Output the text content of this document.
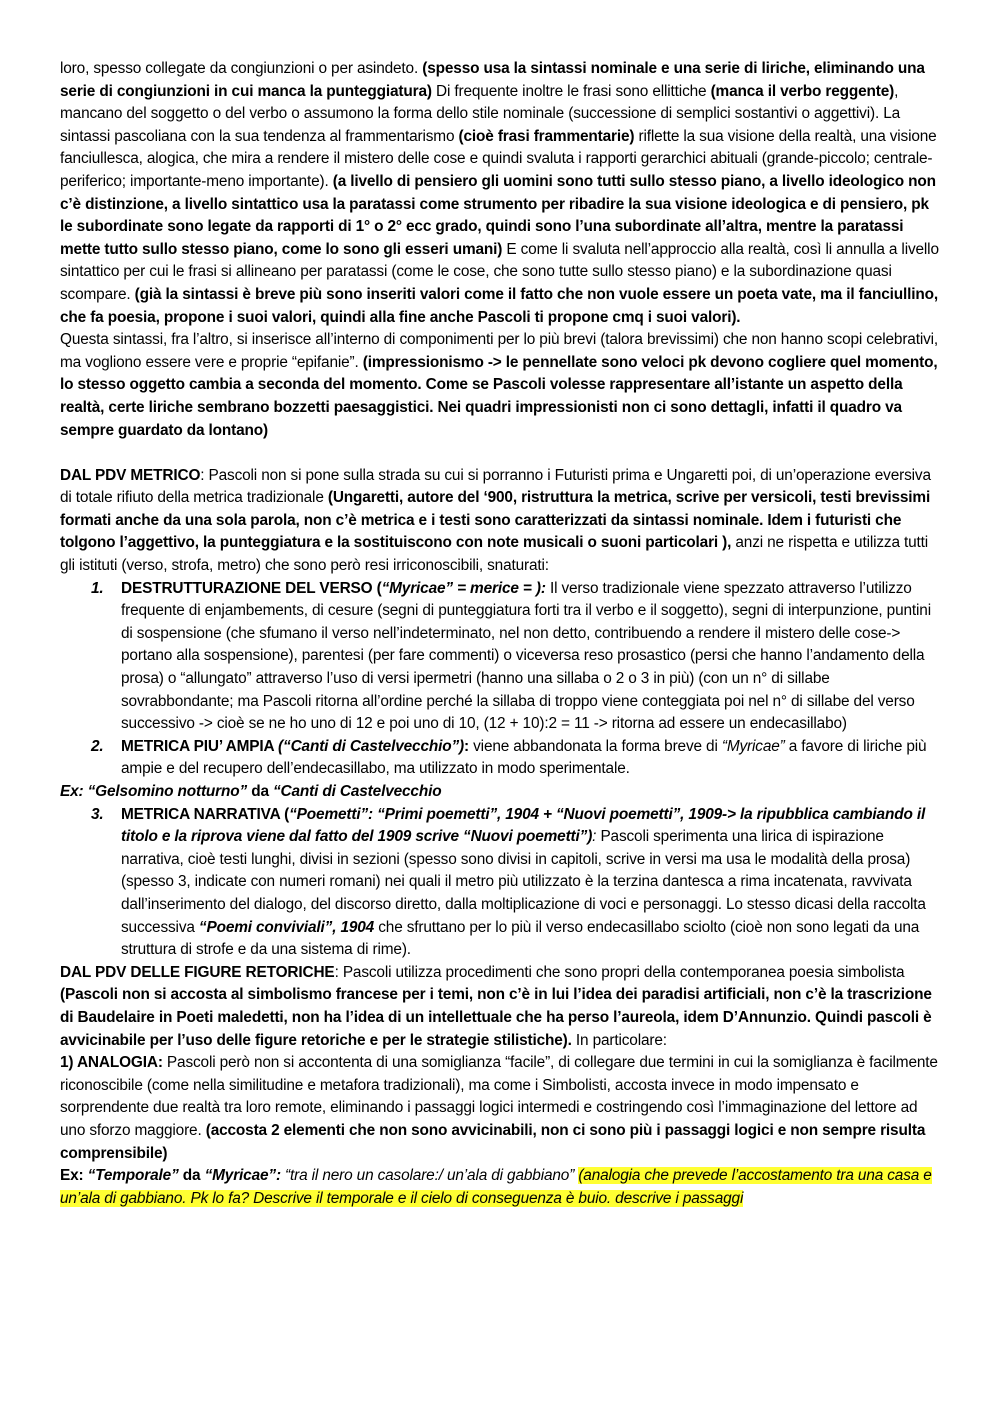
loro, spesso collegate da congiunzioni o per asindeto. (spesso usa la sintassi nominale e una serie di liriche, eliminando una serie di congiunzioni in cui manca la punteggiatura) Di frequente inoltre le frasi sono ellittiche (manca il verbo reggente), mancano del soggetto o del verbo o assumono la forma dello stile nominale (successione di semplici sostantivi o aggettivi). La sintassi pascoliana con la sua tendenza al frammentarismo (cioè frasi frammentarie) riflette la sua visione della realtà, una visione fanciullesca, alogica, che mira a rendere il mistero delle cose e quindi svaluta i rapporti gerarchici abituali (grande-piccolo; centrale-periferico; importante-meno importante). (a livello di pensiero gli uomini sono tutti sullo stesso piano, a livello ideologico non c’è distinzione, a livello sintattico usa la paratassi come strumento per ribadire la sua visione ideologica e di pensiero, pk le subordinate sono legate da rapporti di 1° o 2° ecc grado, quindi sono l’una subordinate all’altra, mentre la paratassi mette tutto sullo stesso piano, come lo sono gli esseri umani) E come li svaluta nell’approccio alla realtà, così li annulla a livello sintattico per cui le frasi si allineano per paratassi (come le cose, che sono tutte sullo stesso piano) e la subordinazione quasi scompare. (già la sintassi è breve più sono inseriti valori come il fatto che non vuole essere un poeta vate, ma il fanciullino, che fa poesia, propone i suoi valori, quindi alla fine anche Pascoli ti propone cmq i suoi valori).

Questa sintassi, fra l’altro, si inserisce all’interno di componimenti per lo più brevi (talora brevissimi) che non hanno scopi celebrativi, ma vogliono essere vere e proprie “epifanie”. (impressionismo -> le pennellate sono veloci pk devono cogliere quel momento, lo stesso oggetto cambia a seconda del momento. Come se Pascoli volesse rappresentare all’istante un aspetto della realtà, certe liriche sembrano bozzetti paesaggistici. Nei quadri impressionisti non ci sono dettagli, infatti il quadro va sempre guardato da lontano)

DAL PDV METRICO: Pascoli non si pone sulla strada su cui si porranno i Futuristi prima e Ungaretti poi, di un’operazione eversiva di totale rifiuto della metrica tradizionale (Ungaretti, autore del ‘900, ristruttura la metrica, scrive per versicoli, testi brevissimi formati anche da una sola parola, non c’è metrica e i testi sono caratterizzati da sintassi nominale. Idem i futuristi che tolgono l’aggettivo, la punteggiatura e la sostituiscono con note musicali o suoni particolari ), anzi ne rispetta e utilizza tutti gli istituti (verso, strofa, metro) che sono però resi irriconoscibili, snaturati:

1. DESTRUTTURAZIONE DEL VERSO (“Myricae” = merice = ): Il verso tradizionale viene spezzato attraverso l’utilizzo frequente di enjambements, di cesure (segni di punteggiatura forti tra il verbo e il soggetto), segni di interpunzione, puntini di sospensione (che sfumano il verso nell’indeterminato, nel non detto, contribuendo a rendere il mistero delle cose-> portano alla sospensione), parentesi (per fare commenti) o viceversa reso prosastico (persi che hanno l’andamento della prosa) o “allungato” attraverso l’uso di versi ipermetri (hanno una sillaba o 2 o 3 in più) (con un n° di sillabe sovrabbondante; ma Pascoli ritorna all’ordine perché la sillaba di troppo viene conteggiata poi nel n° di sillabe del verso successivo -> cioè se ne ho uno di 12 e poi uno di 10, (12 + 10):2 = 11 -> ritorna ad essere un endecasillabo)
2. METRICA PIU’ AMPIA (“Canti di Castelvecchio”): viene abbandonata la forma breve di “Myricae” a favore di liriche più ampie e del recupero dell’endecasillabo, ma utilizzato in modo sperimentale.

Ex: “Gelsomino notturno” da “Canti di Castelvecchio

3. METRICA NARRATIVA (“Poemetti”: “Primi poemetti”, 1904 + “Nuovi poemetti”, 1909-> la ripubblica cambiando il titolo e la riprova viene dal fatto del 1909 scrive “Nuovi poemetti”): Pascoli sperimenta una lirica di ispirazione narrativa, cioè testi lunghi, divisi in sezioni (spesso sono divisi in capitoli, scrive in versi ma usa le modalità della prosa) (spesso 3, indicate con numeri romani) nei quali il metro più utilizzato è la terzina dantesca a rima incatenata, ravvivata dall’inserimento del dialogo, del discorso diretto, dalla moltiplicazione di voci e personaggi. Lo stesso dicasi della raccolta successiva “Poemi conviviali”, 1904 che sfruttano per lo più il verso endecasillabo sciolto (cioè non sono legati da una struttura di strofe e da una sistema di rime).

DAL PDV DELLE FIGURE RETORICHE: Pascoli utilizza procedimenti che sono propri della contemporanea poesia simbolista (Pascoli non si accosta al simbolismo francese per i temi, non c’è in lui l’idea dei paradisi artificiali, non c’è la trascrizione di Baudelaire in Poeti maledetti, non ha l’idea di un intellettuale che ha perso l’aureola, idem D’Annunzio. Quindi pascoli è avvicinabile per l’uso delle figure retoriche e per le strategie stilistiche). In particolare:

1) ANALOGIA: Pascoli però non si accontenta di una somiglianza “facile”, di collegare due termini in cui la somiglianza è facilmente riconoscibile (come nella similitudine e metafora tradizionali), ma come i Simbolisti, accosta invece in modo impensato e sorprendente due realtà tra loro remote, eliminando i passaggi logici intermedi e costringendo così l’immaginazione del lettore ad uno sforzo maggiore. (accosta 2 elementi che non sono avvicinabili, non ci sono più i passaggi logici e non sempre risulta comprensibile)

Ex: “Temporale” da “Myricae”: “tra il nero un casolare:/ un’ala di gabbiano” (analogia che prevede l’accostamento tra una casa e un’ala di gabbiano. Pk lo fa? Descrive il temporale e il cielo di conseguenza è buio. descrive i passaggi
